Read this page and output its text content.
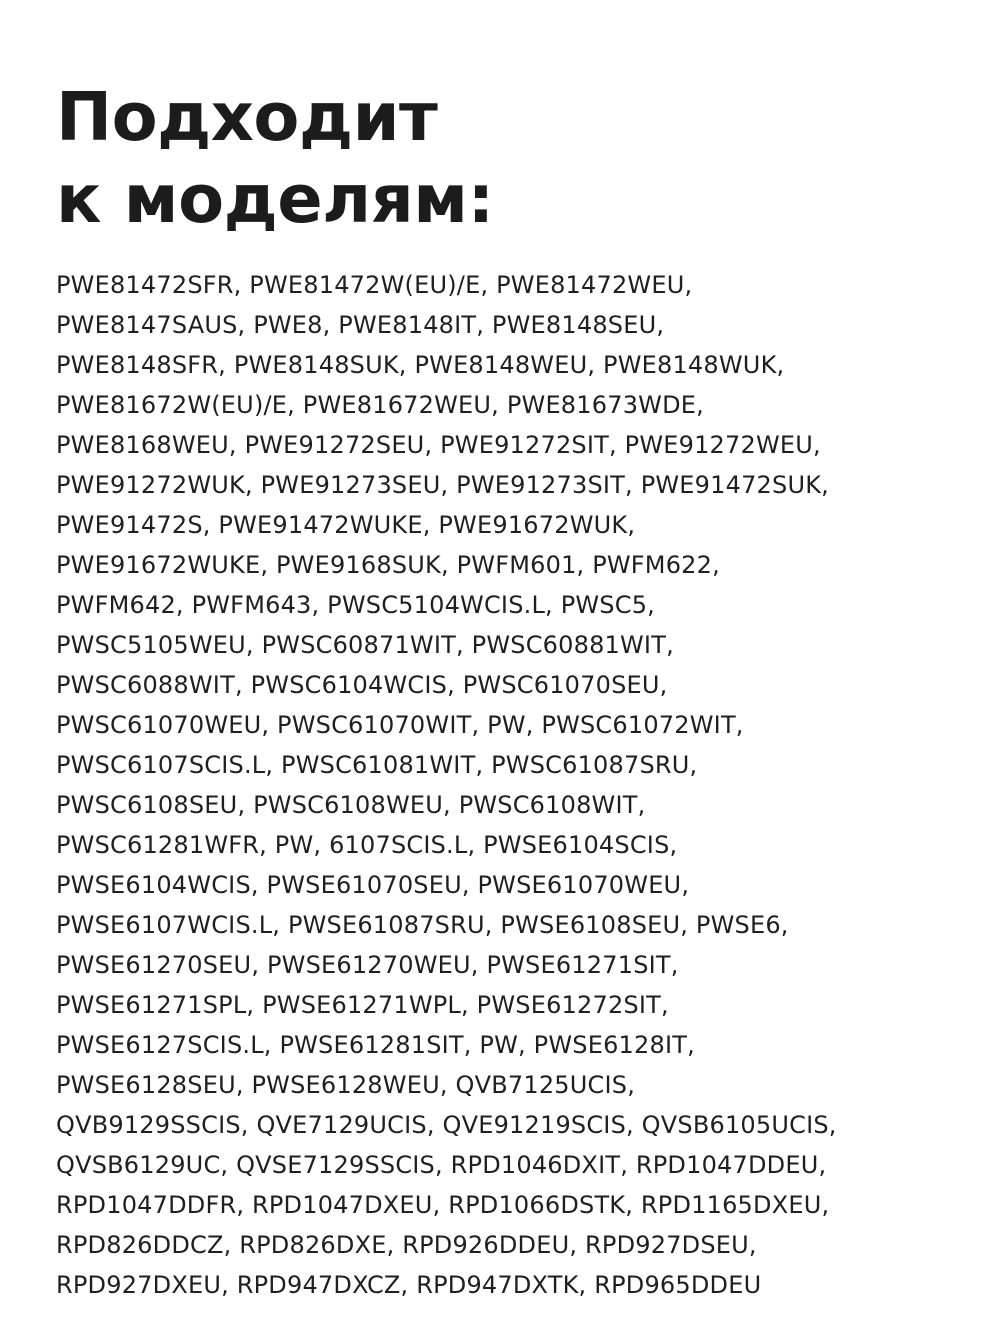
Подходит
к моделям:
PWE81472SFR, PWE81472W(EU)/E, PWE81472WEU,
PWE8147SAUS, PWE8, PWE8148IT, PWE8148SEU,
PWE8148SFR, PWE8148SUK, PWE8148WEU, PWE8148WUK,
PWE81672W(EU)/E, PWE81672WEU, PWE81673WDE,
PWE8168WEU, PWE91272SEU, PWE91272SIT, PWE91272WEU,
PWE91272WUK, PWE91273SEU, PWE91273SIT, PWE91472SUK,
PWE91472S, PWE91472WUKE, PWE91672WUK,
PWE91672WUKE, PWE9168SUK, PWFM601, PWFM622,
PWFM642, PWFM643, PWSC5104WCIS.L, PWSC5,
PWSC5105WEU, PWSC60871WIT, PWSC60881WIT,
PWSC6088WIT, PWSC6104WCIS, PWSC61070SEU,
PWSC61070WEU, PWSC61070WIT, PW, PWSC61072WIT,
PWSC6107SCIS.L, PWSC61081WIT, PWSC61087SRU,
PWSC6108SEU, PWSC6108WEU, PWSC6108WIT,
PWSC61281WFR, PW, 6107SCIS.L, PWSE6104SCIS,
PWSE6104WCIS, PWSE61070SEU, PWSE61070WEU,
PWSE6107WCIS.L, PWSE61087SRU, PWSE6108SEU, PWSE6,
PWSE61270SEU, PWSE61270WEU, PWSE61271SIT,
PWSE61271SPL, PWSE61271WPL, PWSE61272SIT,
PWSE6127SCIS.L, PWSE61281SIT, PW, PWSE6128IT,
PWSE6128SEU, PWSE6128WEU, QVB7125UCIS,
QVB9129SSCIS, QVE7129UCIS, QVE91219SCIS, QVSB6105UCIS,
QVSB6129UC, QVSE7129SSCIS, RPD1046DXIT, RPD1047DDEU,
RPD1047DDFR, RPD1047DXEU, RPD1066DSTK, RPD1165DXEU,
RPD826DDCZ, RPD826DXE, RPD926DDEU, RPD927DSEU,
RPD927DXEU, RPD947DXCZ, RPD947DXTK, RPD965DDEU
